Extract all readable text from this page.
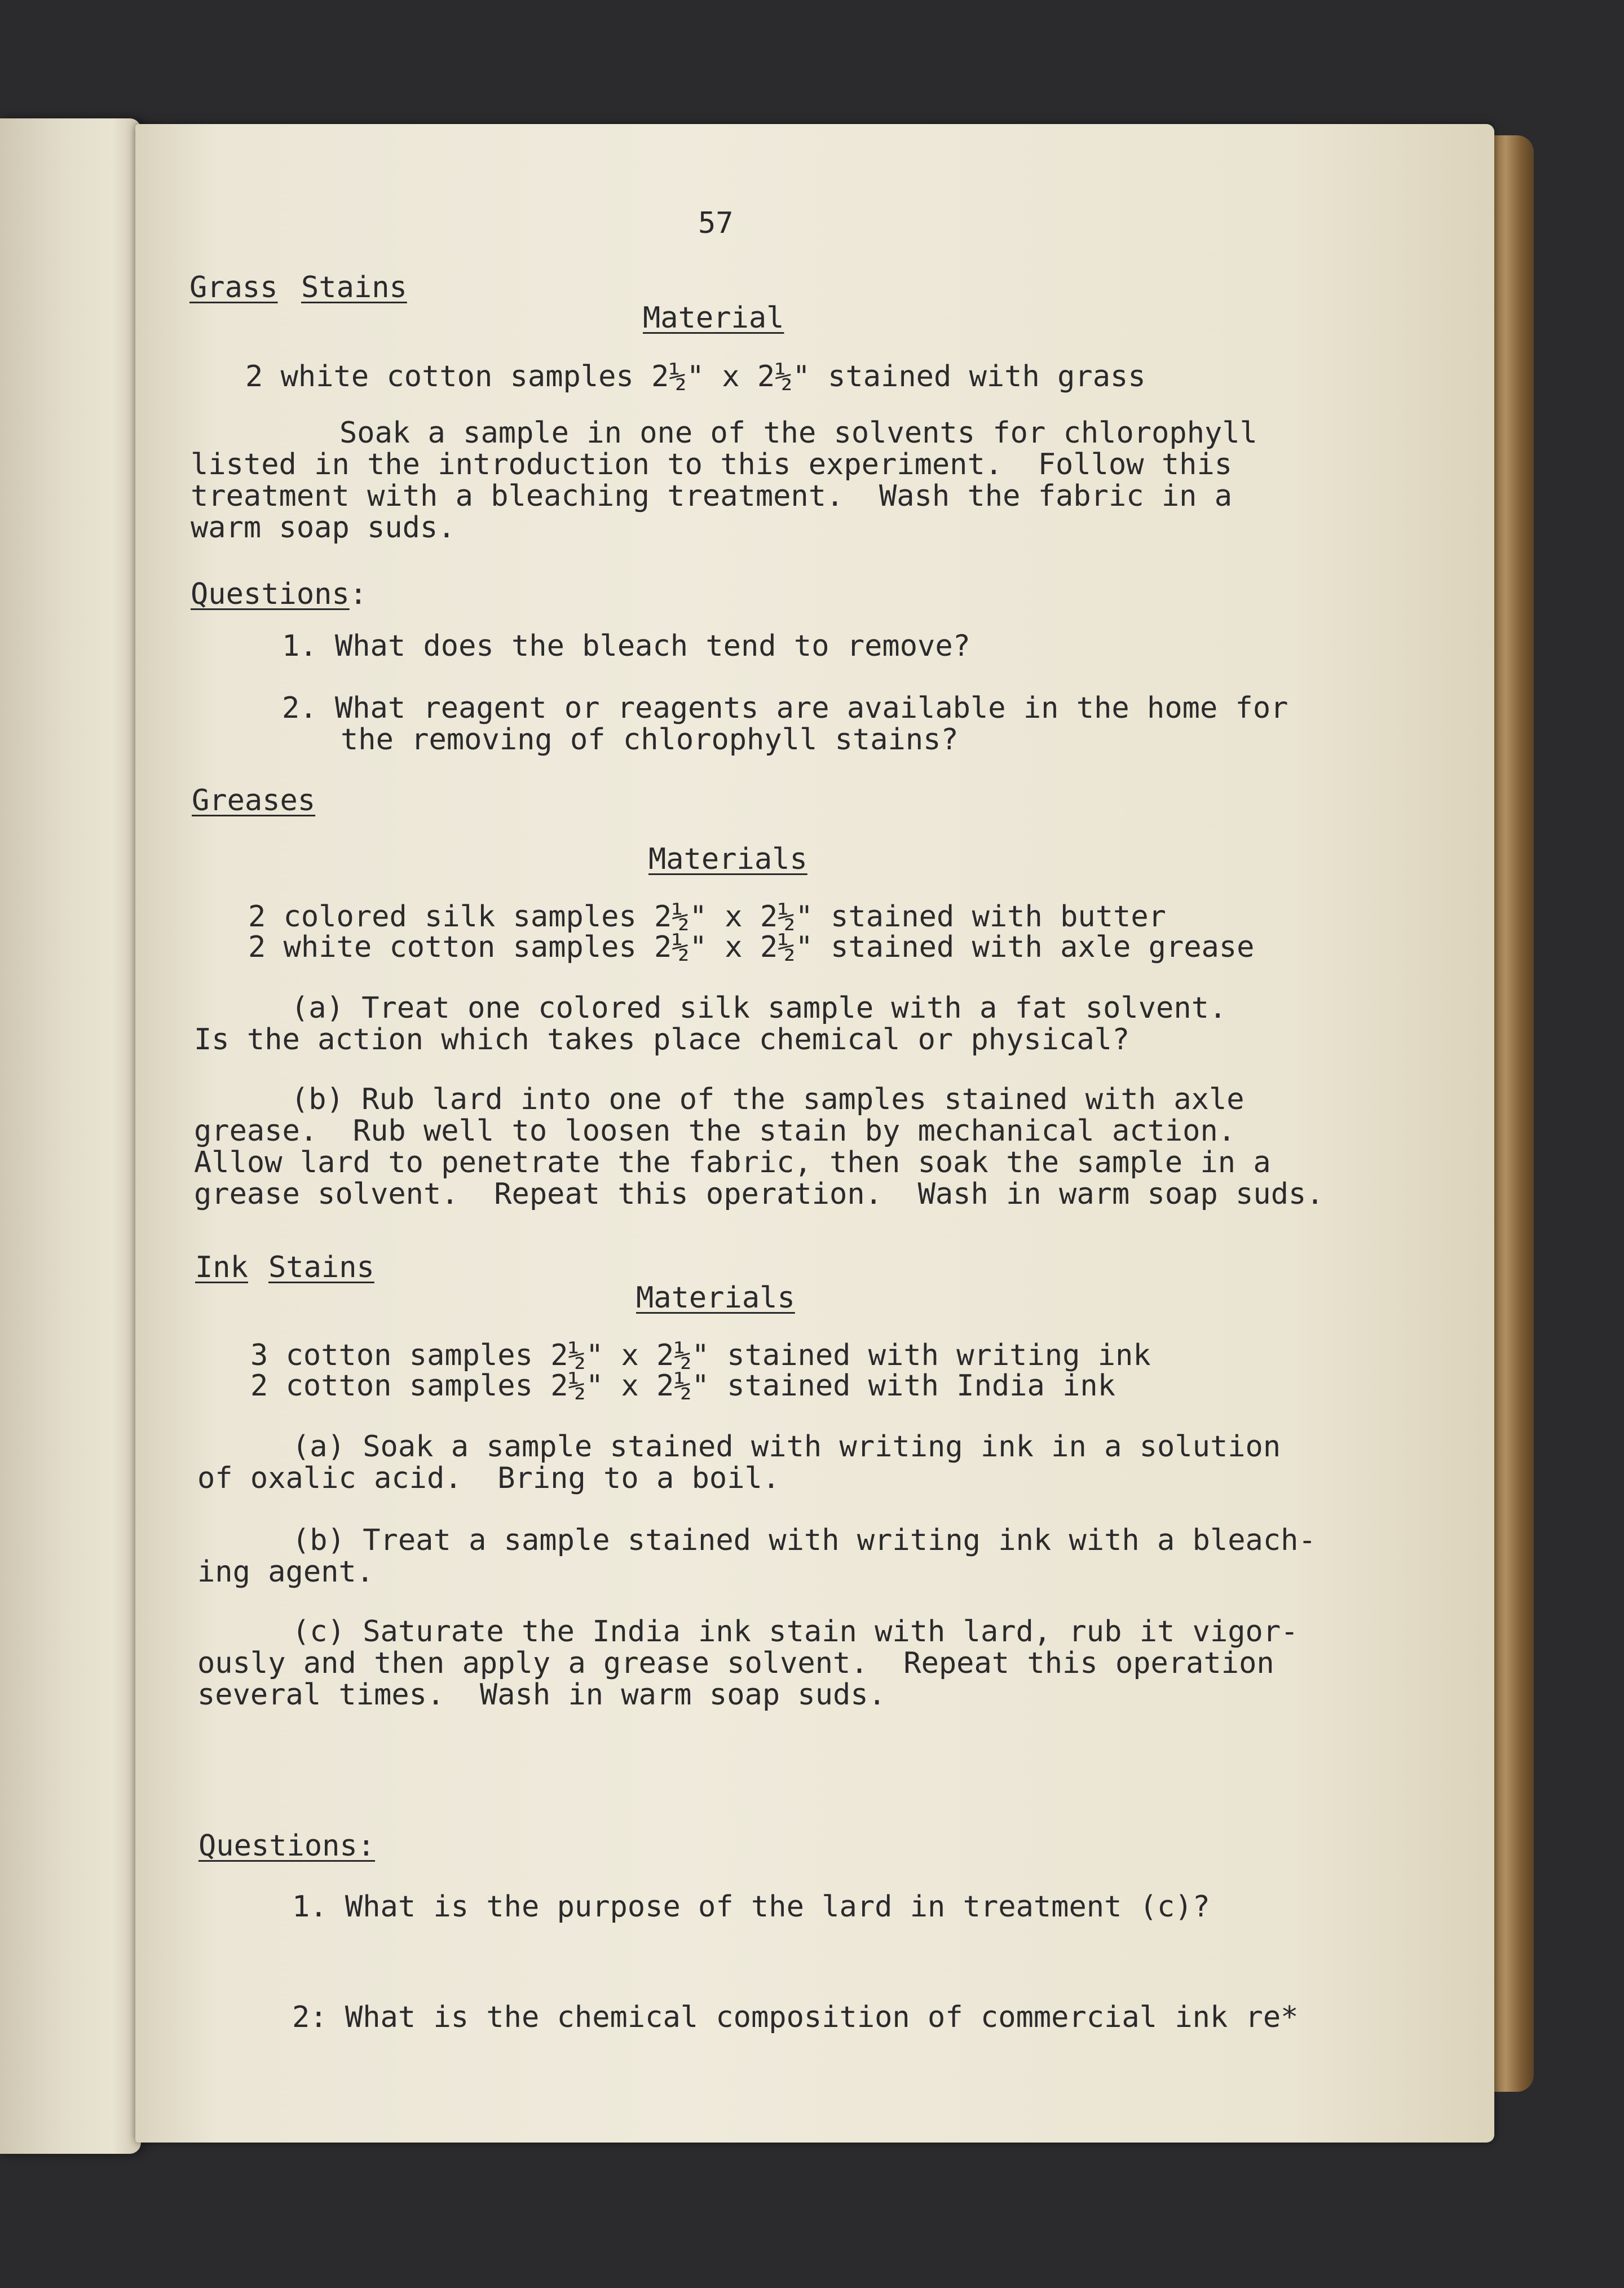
57

Grass Stains

Material

2 white cotton samples 2½" x 2½" stained with grass

Soak a sample in one of the solvents for chlorophyll

listed in the introduction to this experiment.  Follow this

treatment with a bleaching treatment.  Wash the fabric in a

warm soap suds.

Questions:

1. What does the bleach tend to remove?

2. What reagent or reagents are available in the home for

the removing of chlorophyll stains?

Greases

Materials

2 colored silk samples 2½" x 2½" stained with butter

2 white cotton samples 2½" x 2½" stained with axle grease

(a) Treat one colored silk sample with a fat solvent.

Is the action which takes place chemical or physical?

(b) Rub lard into one of the samples stained with axle

grease.  Rub well to loosen the stain by mechanical action.

Allow lard to penetrate the fabric, then soak the sample in a

grease solvent.  Repeat this operation.  Wash in warm soap suds.

Ink Stains

Materials

3 cotton samples 2½" x 2½" stained with writing ink

2 cotton samples 2½" x 2½" stained with India ink

(a) Soak a sample stained with writing ink in a solution

of oxalic acid.  Bring to a boil.

(b) Treat a sample stained with writing ink with a bleach-

ing agent.

(c) Saturate the India ink stain with lard, rub it vigor-

ously and then apply a grease solvent.  Repeat this operation

several times.  Wash in warm soap suds.

Questions:

1. What is the purpose of the lard in treatment (c)?

2: What is the chemical composition of commercial ink re*
